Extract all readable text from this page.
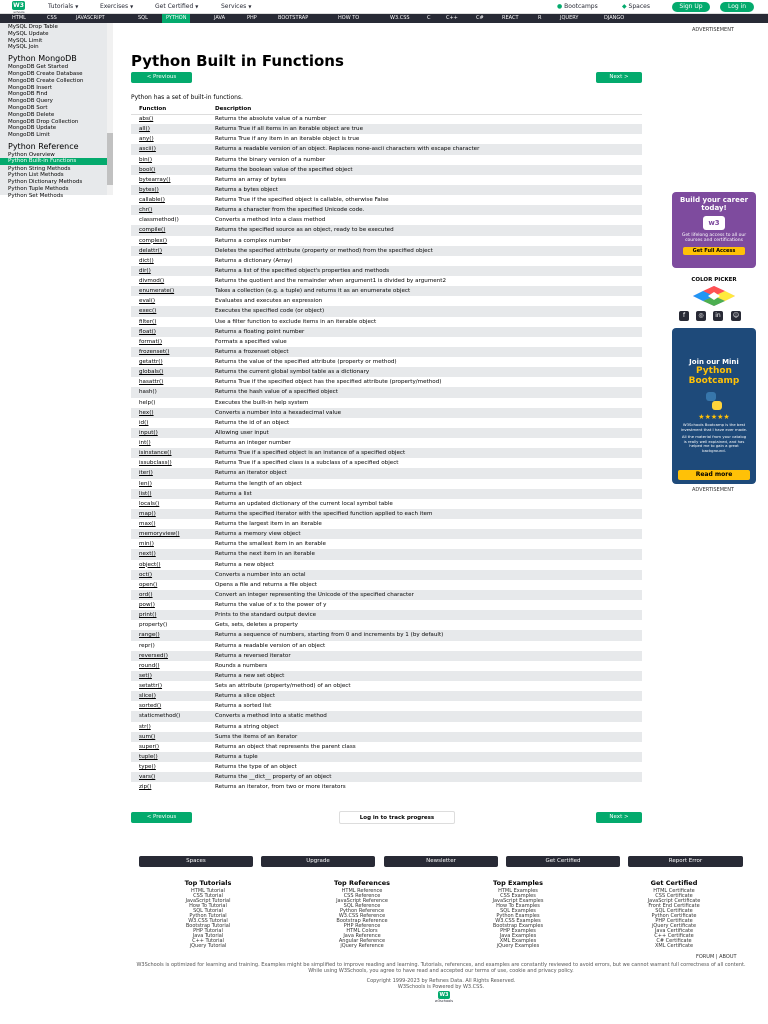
W3
schools
Tutorials ▼	Exercises ▼	Get Certified ▼	Services ▼	● Bootcamps	◆ Spaces	Sign Up	Log in
HTML	CSS	JAVASCRIPT	SQL	PYTHON	JAVA	PHP	BOOTSTRAP	HOW TO	W3.CSS	C	C++	C#	REACT	R	JQUERY	DJANGO
MySQL Drop Table
MySQL Update
MySQL Limit
MySQL Join
Python MongoDB
MongoDB Get Started
MongoDB Create Database
MongoDB Create Collection
MongoDB Insert
MongoDB Find
MongoDB Query
MongoDB Sort
MongoDB Delete
MongoDB Drop Collection
MongoDB Update
MongoDB Limit
Python Reference
Python Overview
Python Built-in Functions
Python String Methods
Python List Methods
Python Dictionary Methods
Python Tuple Methods
Python Set Methods
Python Built in Functions
< Previous	Next >

Python has a set of built-in functions.

Function	Description
abs()	Returns the absolute value of a number
all()	Returns True if all items in an iterable object are true
any()	Returns True if any item in an iterable object is true
ascii()	Returns a readable version of an object. Replaces none-ascii characters with escape character
bin()	Returns the binary version of a number
bool()	Returns the boolean value of the specified object
bytearray()	Returns an array of bytes
bytes()	Returns a bytes object
callable()	Returns True if the specified object is callable, otherwise False
chr()	Returns a character from the specified Unicode code.
classmethod()	Converts a method into a class method
compile()	Returns the specified source as an object, ready to be executed
complex()	Returns a complex number
delattr()	Deletes the specified attribute (property or method) from the specified object
dict()	Returns a dictionary (Array)
dir()	Returns a list of the specified object's properties and methods
divmod()	Returns the quotient and the remainder when argument1 is divided by argument2
enumerate()	Takes a collection (e.g. a tuple) and returns it as an enumerate object
eval()	Evaluates and executes an expression
exec()	Executes the specified code (or object)
filter()	Use a filter function to exclude items in an iterable object
float()	Returns a floating point number
format()	Formats a specified value
frozenset()	Returns a frozenset object
getattr()	Returns the value of the specified attribute (property or method)
globals()	Returns the current global symbol table as a dictionary
hasattr()	Returns True if the specified object has the specified attribute (property/method)
hash()	Returns the hash value of a specified object
help()	Executes the built-in help system
hex()	Converts a number into a hexadecimal value
id()	Returns the id of an object
input()	Allowing user input
int()	Returns an integer number
isinstance()	Returns True if a specified object is an instance of a specified object
issubclass()	Returns True if a specified class is a subclass of a specified object
iter()	Returns an iterator object
len()	Returns the length of an object
list()	Returns a list
locals()	Returns an updated dictionary of the current local symbol table
map()	Returns the specified iterator with the specified function applied to each item
max()	Returns the largest item in an iterable
memoryview()	Returns a memory view object
min()	Returns the smallest item in an iterable
next()	Returns the next item in an iterable
object()	Returns a new object
oct()	Converts a number into an octal
open()	Opens a file and returns a file object
ord()	Convert an integer representing the Unicode of the specified character
pow()	Returns the value of x to the power of y
print()	Prints to the standard output device
property()	Gets, sets, deletes a property
range()	Returns a sequence of numbers, starting from 0 and increments by 1 (by default)
repr()	Returns a readable version of an object
reversed()	Returns a reversed iterator
round()	Rounds a numbers
set()	Returns a new set object
setattr()	Sets an attribute (property/method) of an object
slice()	Returns a slice object
sorted()	Returns a sorted list
staticmethod()	Converts a method into a static method
str()	Returns a string object
sum()	Sums the items of an iterator
super()	Returns an object that represents the parent class
tuple()	Returns a tuple
type()	Returns the type of an object
vars()	Returns the __dict__ property of an object
zip()	Returns an iterator, from two or more iterators
< Previous	Log in to track progress	Next >
ADVERTISEMENT
Build your career today!
w3
Get lifelong access to all our courses and certifications
Get Full Access
COLOR PICKER
f	◎	in	☺
Join our Mini
Python
Bootcamp
★★★★★
W3Schools Bootcamp is the best investment that I have ever made.
All the material from your catalog is really well explained, and has helped me to gain a great background.
Read more
ADVERTISEMENT
Spaces	Upgrade	Newsletter	Get Certified	Report Error
Top Tutorials
HTML Tutorial
CSS Tutorial
JavaScript Tutorial
How To Tutorial
SQL Tutorial
Python Tutorial
W3.CSS Tutorial
Bootstrap Tutorial
PHP Tutorial
Java Tutorial
C++ Tutorial
jQuery Tutorial
Top References
HTML Reference
CSS Reference
JavaScript Reference
SQL Reference
Python Reference
W3.CSS Reference
Bootstrap Reference
PHP Reference
HTML Colors
Java Reference
Angular Reference
jQuery Reference
Top Examples
HTML Examples
CSS Examples
JavaScript Examples
How To Examples
SQL Examples
Python Examples
W3.CSS Examples
Bootstrap Examples
PHP Examples
Java Examples
XML Examples
jQuery Examples
Get Certified
HTML Certificate
CSS Certificate
JavaScript Certificate
Front End Certificate
SQL Certificate
Python Certificate
PHP Certificate
jQuery Certificate
Java Certificate
C++ Certificate
C# Certificate
XML Certificate
FORUM | ABOUT

W3Schools is optimized for learning and training. Examples might be simplified to improve reading and learning. Tutorials, references, and examples are constantly reviewed to avoid errors, but we cannot warrant full correctness of all content. While using W3Schools, you agree to have read and accepted our terms of use, cookie and privacy policy.

Copyright 1999-2023 by Refsnes Data. All Rights Reserved.
W3Schools is Powered by W3.CSS.
W3
w3schools
